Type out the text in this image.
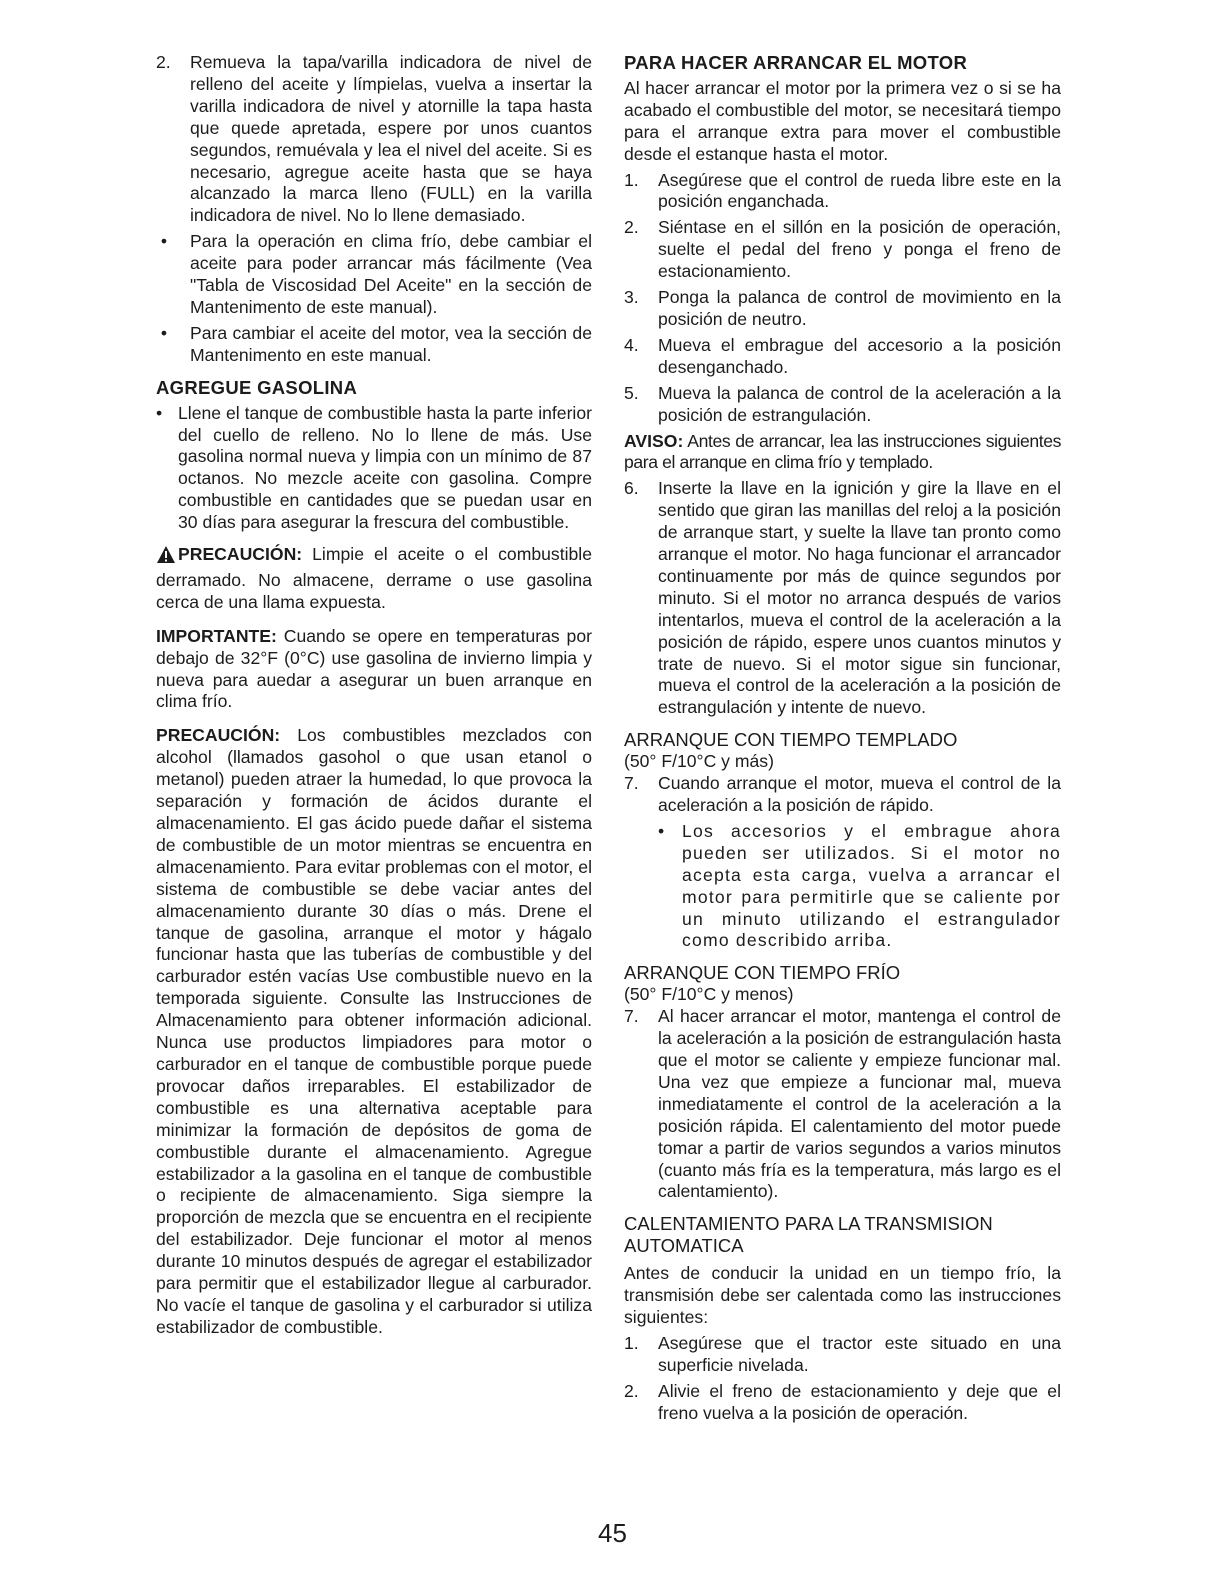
2.	Remueva la tapa/varilla indicadora de nivel de relleno del aceite y límpielas, vuelva a insertar la varilla indicadora de nivel y atornille la tapa hasta que quede apretada, espere por unos cuantos segundos, remuévala y lea el nivel del aceite. Si es necesario, agregue aceite hasta que se haya alcanzado la marca lleno (FULL) en la varilla indicadora de nivel. No lo llene demasiado.
•	Para la operación en clima frío, debe cambiar el aceite para poder arrancar más fácilmente (Vea "Tabla de Viscosidad Del Aceite" en la sección de Mantenimento de este manual).
•	Para cambiar el aceite del motor, vea la sección de Mantenimento en este manual.
AGREGUE GASOLINA
• Llene el tanque de combustible hasta la parte inferior del cuello de relleno. No lo llene de más. Use gasolina normal nueva y limpia con un mínimo de 87 octanos. No mezcle aceite con gasolina. Compre combustible en cantidades que se puedan usar en 30 días para asegurar la frescura del combustible.

PRECAUCIÓN: Limpie el aceite o el combustible derramado. No almacene, derrame o use gasolina cerca de una llama expuesta.

IMPORTANTE: Cuando se opere en temperaturas por debajo de 32°F (0°C) use gasolina de invierno limpia y nueva para auedar a asegurar un buen arranque en clima frío.

PRECAUCIÓN: Los combustibles mezclados con alcohol (llamados gasohol o que usan etanol o metanol) pueden atraer la humedad, lo que provoca la separación y formación de ácidos durante el almacenamiento. El gas ácido puede dañar el sistema de combustible de un motor mientras se encuentra en almacenamiento. Para evitar problemas con el motor, el sistema de combustible se debe vaciar antes del almacenamiento durante 30 días o más. Drene el tanque de gasolina, arranque el motor y hágalo funcionar hasta que las tuberías de combustible y del carburador estén vacías Use combustible nuevo en la temporada siguiente. Consulte las Instrucciones de Almacenamiento para obtener información adicional. Nunca use productos limpiadores para motor o carburador en el tanque de combustible porque puede provocar daños irreparables. El estabilizador de combustible es una alternativa aceptable para minimizar la formación de depósitos de goma de combustible durante el almacenamiento. Agregue estabilizador a la gasolina en el tanque de combustible o recipiente de almacenamiento. Siga siempre la proporción de mezcla que se encuentra en el recipiente del estabilizador. Deje funcionar el motor al menos durante 10 minutos después de agregar el estabilizador para permitir que el estabilizador llegue al carburador. No vacíe el tanque de gasolina y el carburador si utiliza estabilizador de combustible.

PARA HACER ARRANCAR EL MOTOR

Al hacer arrancar el motor por la primera vez o si se ha acabado el combustible del motor, se necesitará tiempo para el arranque extra para mover el combustible desde el estanque hasta el motor.

1.	Asegúrese que el control de rueda libre este en la posición enganchada.
2.	Siéntase en el sillón en la posición de operación, suelte el pedal del freno y ponga el freno de estacionamiento.
3.	Ponga la palanca de control de movimiento en la posición de neutro.
4.	Mueva el embrague del accesorio a la posición desenganchado.
5.	Mueva la palanca de control de la aceleración a la posición de estrangulación.

AVISO: Antes de arrancar, lea las instrucciones siguientes para el arranque en clima frío y templado.

6.	Inserte la llave en la ignición y gire la llave en el sentido que giran las manillas del reloj a la posición de arranque start, y suelte la llave tan pronto como arranque el motor. No haga funcionar el arrancador continuamente por más de quince segundos por minuto. Si el motor no arranca después de varios intentarlos, mueva el control de la aceleración a la posición de rápido, espere unos cuantos minutos y trate de nuevo. Si el motor sigue sin funcionar, mueva el control de la aceleración a la posición de estrangulación y intente de nuevo.
ARRANQUE CON TIEMPO TEMPLADO
(50° F/10°C y más)
7.	Cuando arranque el motor, mueva el control de la aceleración a la posición de rápido.
•	Los accesorios y el embrague ahora pueden ser utilizados. Si el motor no acepta esta carga, vuelva a arrancar el motor para permitirle que se caliente por un minuto utilizando el estrangulador como describido arriba.
ARRANQUE CON TIEMPO FRÍO
(50° F/10°C y menos)
7.	Al hacer arrancar el motor, mantenga el control de la aceleración a la posición de estrangulación hasta que el motor se caliente y empieze funcionar mal. Una vez que empieze a funcionar mal, mueva inmediatamente el control de la aceleración a la posición rápida. El calentamiento del motor puede tomar a partir de varios segundos a varios minutos (cuanto más fría es la temperatura, más largo es el calentamiento).
CALENTAMIENTO PARA LA TRANSMISION AUTOMATICA

Antes de conducir la unidad en un tiempo frío, la transmisión debe ser calentada como las instrucciones siguientes:

1.	Asegúrese que el tractor este situado en una superficie nivelada.
2.	Alivie el freno de estacionamiento y deje que el freno vuelva a la posición de operación.
45
